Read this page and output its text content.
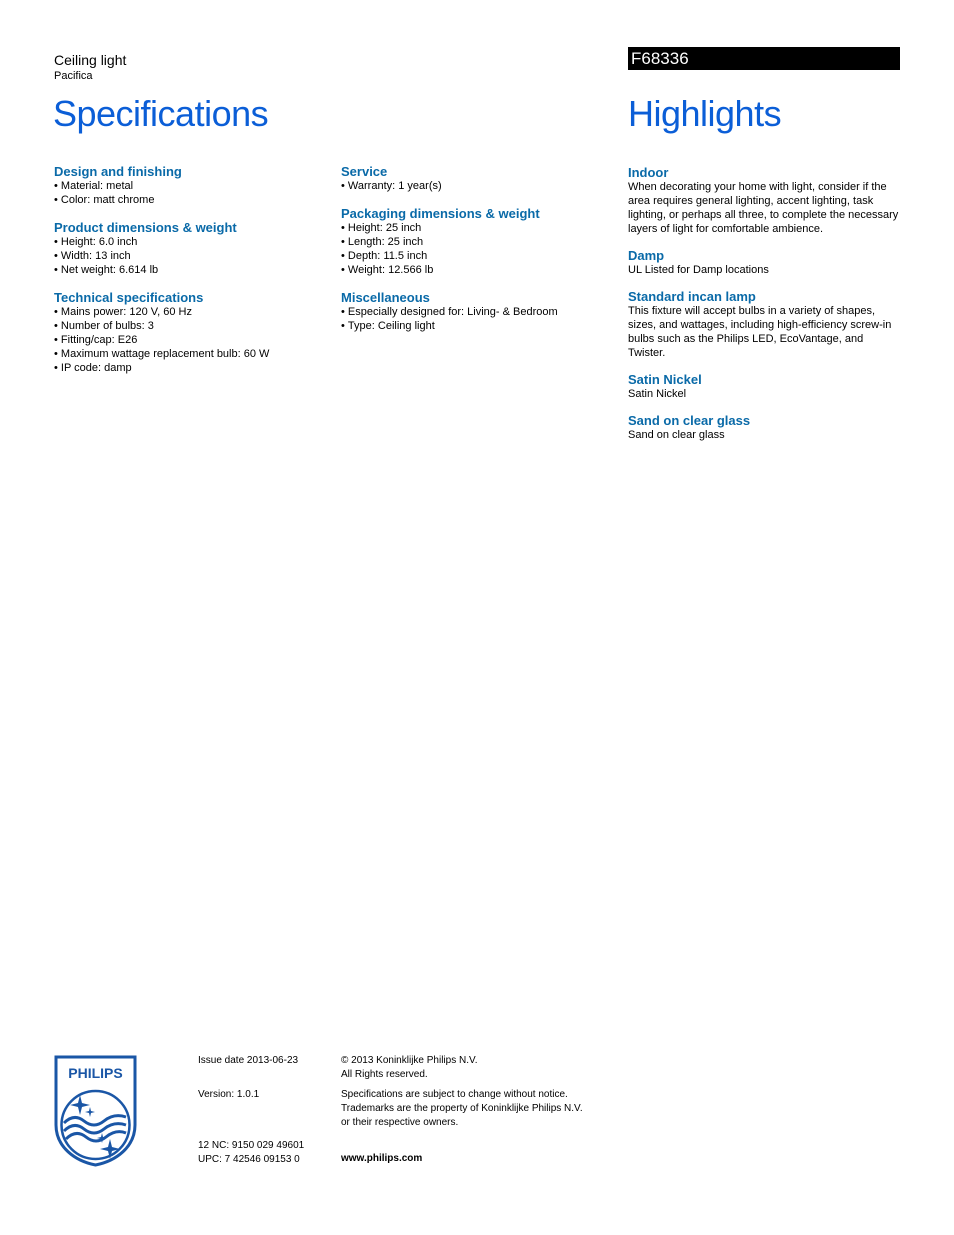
Ceiling light
Pacifica
Specifications
F68336
Highlights

Design and finishing

• Material: metal
• Color: matt chrome

Product dimensions & weight

• Height: 6.0 inch
• Width: 13 inch
• Net weight: 6.614 lb

Technical specifications

• Mains power: 120 V, 60 Hz
• Number of bulbs: 3
• Fitting/cap: E26
• Maximum wattage replacement bulb: 60 W
• IP code: damp

Service

• Warranty: 1 year(s)

Packaging dimensions & weight

• Height: 25 inch
• Length: 25 inch
• Depth: 11.5 inch
• Weight: 12.566 lb

Miscellaneous

• Especially designed for: Living- & Bedroom
• Type: Ceiling light

Indoor

When decorating your home with light, consider if the area requires general lighting, accent lighting, task lighting, or perhaps all three, to complete the necessary layers of light for comfortable ambience.

Damp

UL Listed for Damp locations

Standard incan lamp

This fixture will accept bulbs in a variety of shapes, sizes, and wattages, including high-efficiency screw-in bulbs such as the Philips LED, EcoVantage, and Twister.

Satin Nickel

Satin Nickel

Sand on clear glass

Sand on clear glass

PHILIPS
Issue date 2013-06-23
Version: 1.0.1
12 NC: 9150 029 49601
UPC: 7 42546 09153 0
© 2013 Koninklijke Philips N.V.
All Rights reserved.
Specifications are subject to change without notice.
Trademarks are the property of Koninklijke Philips N.V.
or their respective owners.
www.philips.com
